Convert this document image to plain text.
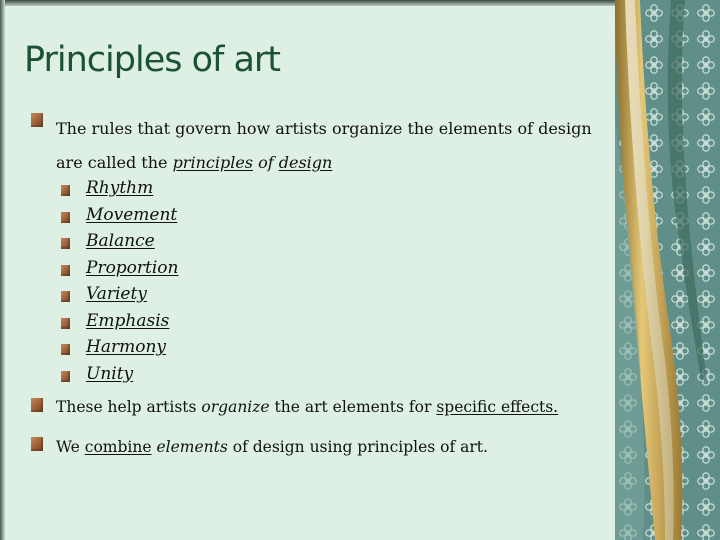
Principles of art
The rules that govern how artists organize the elements of design are called the principles of design
Rhythm
Movement
Balance
Proportion
Variety
Emphasis
Harmony
Unity
These help artists organize the art elements for specific effects.
We combine elements of design using principles of art.
